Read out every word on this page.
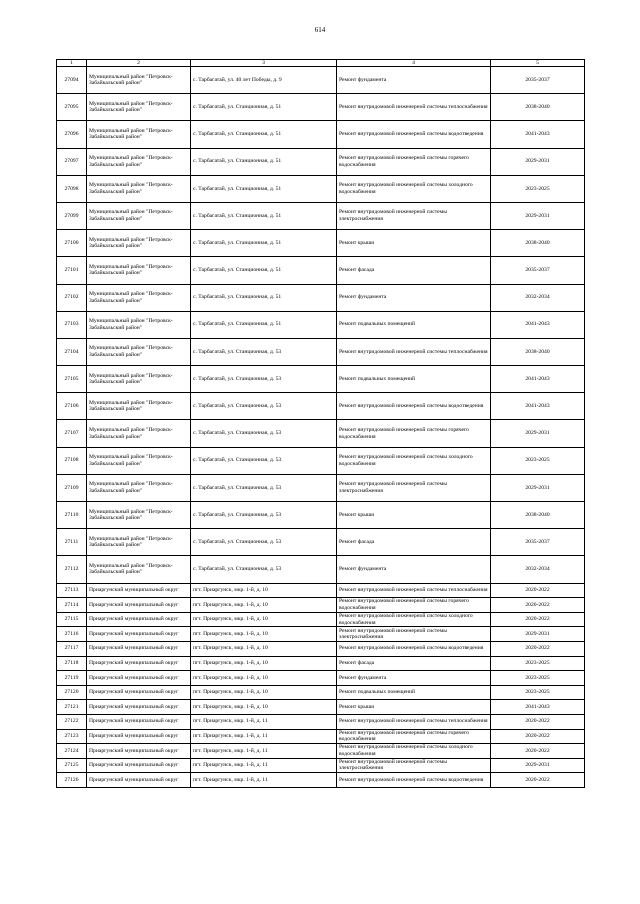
614
1	2	3	4	5
27094	Муниципальный район "Петровск-Забайкальский район"	с. Тарбагатай, ул. 40 лет Победы, д. 9	Ремонт фундамента	2035-2037
27095	Муниципальный район "Петровск-Забайкальский район"	с. Тарбагатай, ул. Станционная, д. 51	Ремонт внутридомовой инженерной системы теплоснабжения	2038-2040
27096	Муниципальный район "Петровск-Забайкальский район"	с. Тарбагатай, ул. Станционная, д. 51	Ремонт внутридомовой инженерной системы водоотведения	2041-2043
27097	Муниципальный район "Петровск-Забайкальский район"	с. Тарбагатай, ул. Станционная, д. 51	Ремонт внутридомовой инженерной системы горячего водоснабжения	2029-2031
27098	Муниципальный район "Петровск-Забайкальский район"	с. Тарбагатай, ул. Станционная, д. 51	Ремонт внутридомовой инженерной системы холодного водоснабжения	2023-2025
27099	Муниципальный район "Петровск-Забайкальский район"	с. Тарбагатай, ул. Станционная, д. 51	Ремонт внутридомовой инженерной системы электроснабжения	2029-2031
27100	Муниципальный район "Петровск-Забайкальский район"	с. Тарбагатай, ул. Станционная, д. 51	Ремонт крыши	2038-2040
27101	Муниципальный район "Петровск-Забайкальский район"	с. Тарбагатай, ул. Станционная, д. 51	Ремонт фасада	2035-2037
27102	Муниципальный район "Петровск-Забайкальский район"	с. Тарбагатай, ул. Станционная, д. 51	Ремонт фундамента	2032-2034
27103	Муниципальный район "Петровск-Забайкальский район"	с. Тарбагатай, ул. Станционная, д. 51	Ремонт подвальных помещений	2041-2043
27104	Муниципальный район "Петровск-Забайкальский район"	с. Тарбагатай, ул. Станционная, д. 53	Ремонт внутридомовой инженерной системы теплоснабжения	2038-2040
27105	Муниципальный район "Петровск-Забайкальский район"	с. Тарбагатай, ул. Станционная, д. 53	Ремонт подвальных помещений	2041-2043
27106	Муниципальный район "Петровск-Забайкальский район"	с. Тарбагатай, ул. Станционная, д. 53	Ремонт внутридомовой инженерной системы водоотведения	2041-2043
27107	Муниципальный район "Петровск-Забайкальский район"	с. Тарбагатай, ул. Станционная, д. 53	Ремонт внутридомовой инженерной системы горячего водоснабжения	2029-2031
27108	Муниципальный район "Петровск-Забайкальский район"	с. Тарбагатай, ул. Станционная, д. 53	Ремонт внутридомовой инженерной системы холодного водоснабжения	2023-2025
27109	Муниципальный район "Петровск-Забайкальский район"	с. Тарбагатай, ул. Станционная, д. 53	Ремонт внутридомовой инженерной системы электроснабжения	2029-2031
27110	Муниципальный район "Петровск-Забайкальский район"	с. Тарбагатай, ул. Станционная, д. 53	Ремонт крыши	2038-2040
27111	Муниципальный район "Петровск-Забайкальский район"	с. Тарбагатай, ул. Станционная, д. 53	Ремонт фасада	2035-2037
27112	Муниципальный район "Петровск-Забайкальский район"	с. Тарбагатай, ул. Станционная, д. 53	Ремонт фундамента	2032-2034
27113	Приаргунский муниципальный округ	пгт. Приаргунск, мкр. 1-й, д. 10	Ремонт внутридомовой инженерной системы теплоснабжения	2020-2022
27114	Приаргунский муниципальный округ	пгт. Приаргунск, мкр. 1-й, д. 10	Ремонт внутридомовой инженерной системы горячего водоснабжения	2020-2022
27115	Приаргунский муниципальный округ	пгт. Приаргунск, мкр. 1-й, д. 10	Ремонт внутридомовой инженерной системы холодного водоснабжения	2020-2022
27116	Приаргунский муниципальный округ	пгт. Приаргунск, мкр. 1-й, д. 10	Ремонт внутридомовой инженерной системы электроснабжения	2029-2031
27117	Приаргунский муниципальный округ	пгт. Приаргунск, мкр. 1-й, д. 10	Ремонт внутридомовой инженерной системы водоотведения	2020-2022
27118	Приаргунский муниципальный округ	пгт. Приаргунск, мкр. 1-й, д. 10	Ремонт фасада	2023-2025
27119	Приаргунский муниципальный округ	пгт. Приаргунск, мкр. 1-й, д. 10	Ремонт фундамента	2023-2025
27120	Приаргунский муниципальный округ	пгт. Приаргунск, мкр. 1-й, д. 10	Ремонт подвальных помещений	2023-2025
27121	Приаргунский муниципальный округ	пгт. Приаргунск, мкр. 1-й, д. 10	Ремонт крыши	2041-2043
27122	Приаргунский муниципальный округ	пгт. Приаргунск, мкр. 1-й, д. 11	Ремонт внутридомовой инженерной системы теплоснабжения	2020-2022
27123	Приаргунский муниципальный округ	пгт. Приаргунск, мкр. 1-й, д. 11	Ремонт внутридомовой инженерной системы горячего водоснабжения	2020-2022
27124	Приаргунский муниципальный округ	пгт. Приаргунск, мкр. 1-й, д. 11	Ремонт внутридомовой инженерной системы холодного водоснабжения	2020-2022
27125	Приаргунский муниципальный округ	пгт. Приаргунск, мкр. 1-й, д. 11	Ремонт внутридомовой инженерной системы электроснабжения	2029-2031
27126	Приаргунский муниципальный округ	пгт. Приаргунск, мкр. 1-й, д. 11	Ремонт внутридомовой инженерной системы водоотведения	2020-2022
